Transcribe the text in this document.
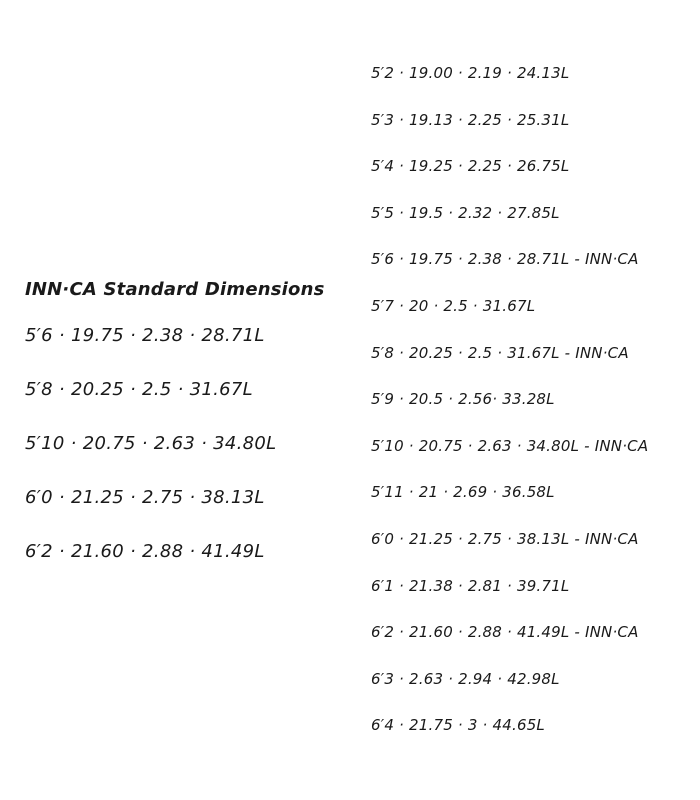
INN·CA Standard Dimensions
5′6 · 19.75 · 2.38 · 28.71L
5′8 · 20.25 · 2.5 · 31.67L
5′10 · 20.75 · 2.63 · 34.80L
6′0 · 21.25 · 2.75 · 38.13L
6′2 · 21.60 · 2.88 · 41.49L
5′2 · 19.00 · 2.19 · 24.13L
5′3 · 19.13 · 2.25 · 25.31L
5′4 · 19.25 · 2.25 · 26.75L
5′5 · 19.5 · 2.32 · 27.85L
5′6 · 19.75 · 2.38 · 28.71L - INN·CA
5′7 · 20 · 2.5 · 31.67L
5′8 · 20.25 · 2.5 · 31.67L - INN·CA
5′9 · 20.5 · 2.56· 33.28L
5′10 · 20.75 · 2.63 · 34.80L - INN·CA
5′11 · 21 · 2.69 · 36.58L
6′0 · 21.25 · 2.75 · 38.13L - INN·CA
6′1 · 21.38 · 2.81 · 39.71L
6′2 · 21.60 · 2.88 · 41.49L - INN·CA
6′3 · 2.63 · 2.94 · 42.98L
6′4 · 21.75 · 3 · 44.65L
